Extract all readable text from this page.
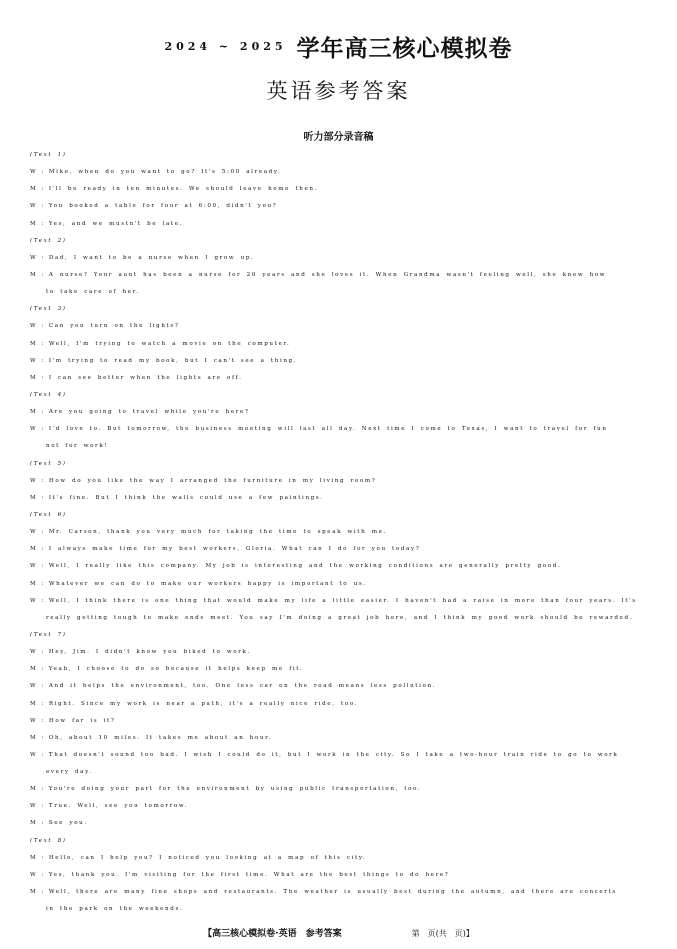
2024 ~ 2025 学年高三核心模拟卷
英语参考答案
听力部分录音稿
(Text 1)
W : Mike, when do you want to go? It's 5:00 already.
M : I'll be ready in ten minutes. We should leave home then.
W : You booked a table for four at 6:00, didn't you?
M : Yes, and we mustn't be late.
(Text 2)
W : Dad, I want to be a nurse when I grow up.
M : A nurse? Your aunt has been a nurse for 20 years and she loves it. When Grandma wasn't feeling well, she knew how
to take care of her.
(Text 3)
W : Can you turn on the lights?
M : Well, I'm trying to watch a movie on the computer.
W : I'm trying to read my book, but I can't see a thing.
M : I can see better when the lights are off.
(Text 4)
M : Are you going to travel while you're here?
W : I'd love to. But tomorrow, the business meeting will last all day. Next time I come to Texas, I want to travel for fun
not for work!
(Text 5)
W : How do you like the way I arranged the furniture in my living room?
M : It's fine. But I think the walls could use a few paintings.
(Text 6)
W : Mr. Carson, thank you very much for taking the time to speak with me.
M : I always make time for my best workers, Gloria. What can I do for you today?
W : Well, I really like this company. My job is interesting and the working conditions are generally pretty good.
M : Whatever we can do to make our workers happy is important to us.
W : Well, I think there is one thing that would make my life a little easier. I haven't had a raise in more than four years. It's
really getting tough to make ends meet. You say I'm doing a great job here, and I think my good work should be rewarded.
(Text 7)
W : Hey, Jim. I didn't know you biked to work.
M : Yeah, I choose to do so because it helps keep me fit.
W : And it helps the environment, too. One less car on the road means less pollution.
M : Right. Since my work is near a path, it's a really nice ride, too.
W : How far is it?
M : Oh, about 10 miles. It takes me about an hour.
W : That doesn't sound too bad. I wish I could do it, but I work in the city. So I take a two-hour train ride to go to work
every day.
M : You're doing your part for the environment by using public transportation, too.
W : True. Well, see you tomorrow.
M : See you.
(Text 8)
M : Hello, can I help you? I noticed you looking at a map of this city.
W : Yes, thank you. I'm visiting for the first time. What are the best things to do here?
M : Well, there are many fine shops and restaurants. The weather is usually best during the autumn, and there are concerts
in the park on the weekends.
【高三核心模拟卷·英语　参考答案	第　页(共　页)】
